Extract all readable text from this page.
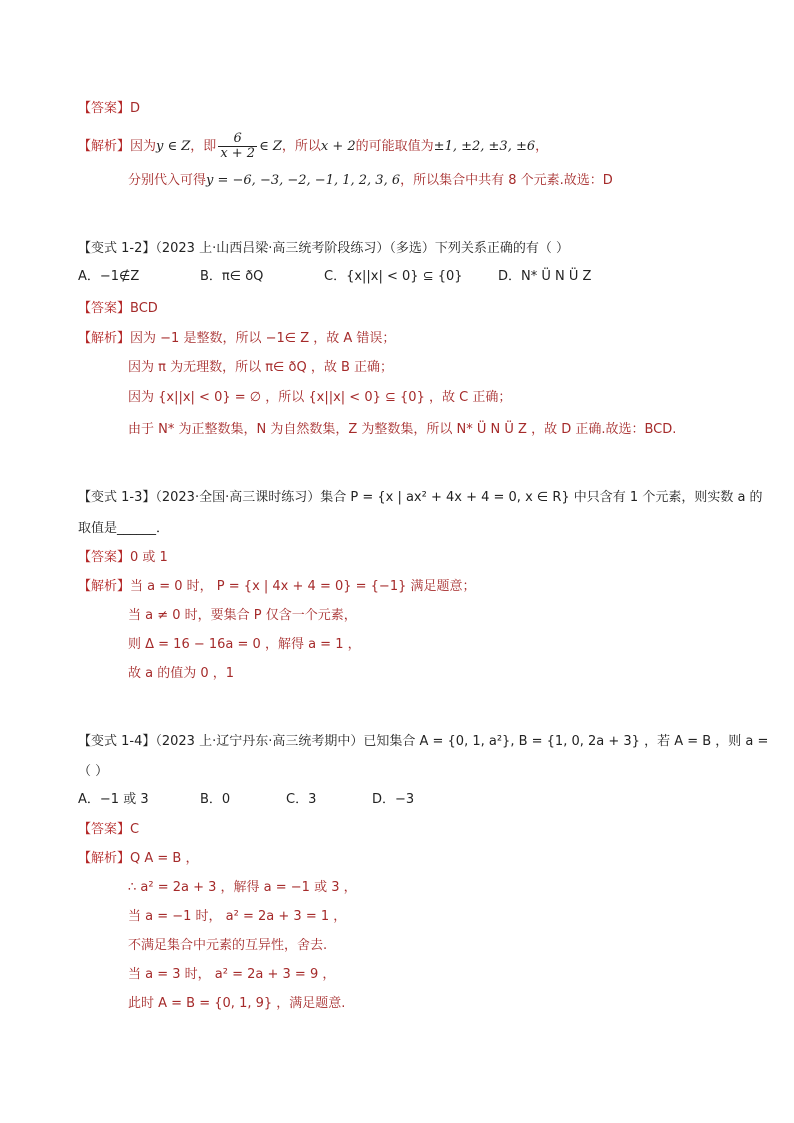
【答案】D
【解析】因为y ∈ Z，即 $\frac{6}{x + 2}$ ∈ Z，所以x + 2的可能取值为±1, ±2, ±3, ±6，
分别代入可得y = −6, −3, −2, −1, 1, 2, 3, 6，所以集合中共有 8 个元素.故选：D
【变式 1-2】（2023 上·山西吕梁·高三统考阶段练习）（多选）下列关系正确的有（ ）
A．−1∉Z	B．π∈ ðQ	C．{x||x| < 0} ⊆ {0}	D．N* Ü N Ü Z
【答案】BCD
【解析】因为 −1 是整数，所以 −1∈ Z ，故 A 错误；
因为 π 为无理数，所以 π∈ ðQ ，故 B 正确；
因为 {x||x| < 0} = ∅ ，所以 {x||x| < 0} ⊆ {0} ，故 C 正确；
由于 N* 为正整数集，N 为自然数集，Z 为整数集，所以 N* Ü N Ü Z ，故 D 正确.故选：BCD.
【变式 1-3】（2023·全国·高三课时练习）集合 P = {x | ax² + 4x + 4 = 0, x ∈ R} 中只含有 1 个元素，则实数 a 的
取值是______．
【答案】0 或 1
【解析】当 a = 0 时， P = {x | 4x + 4 = 0} = {−1} 满足题意；
当 a ≠ 0 时，要集合 P 仅含一个元素，
则 Δ = 16 − 16a = 0 ，解得 a = 1 ，
故 a 的值为 0 ，1
【变式 1-4】（2023 上·辽宁丹东·高三统考期中）已知集合 A = {0, 1, a²}, B = {1, 0, 2a + 3} ，若 A = B ，则 a =
（ ）
A．−1 或 3	B．0	C．3	D．−3
【答案】C
【解析】Q A = B ，
∴ a² = 2a + 3 ，解得 a = −1 或 3 ，
当 a = −1 时， a² = 2a + 3 = 1 ，
不满足集合中元素的互异性，舍去.
当 a = 3 时， a² = 2a + 3 = 9 ，
此时 A = B = {0, 1, 9} ，满足题意.
